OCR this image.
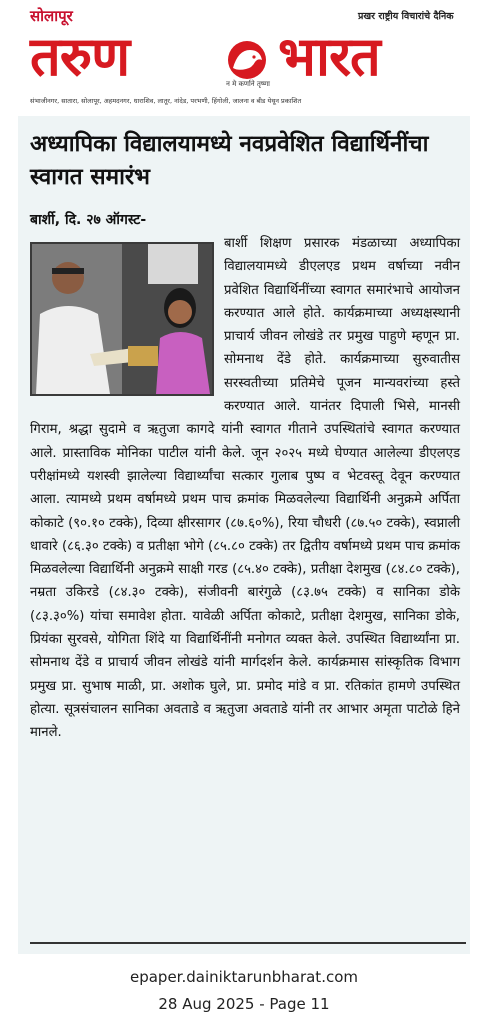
सोलापूर	प्रखर राष्ट्रीय विचारांचे दैनिक
तरुण	न मे कर्णाने तृष्णा भारत
संभाजीनगर, सातारा, सोलापूर, अहमदनगर, धाराशिव, लातूर, नांदेड, परभणी, हिंगोली, जालना व बीड येथून प्रकाशित
अध्यापिका विद्यालयामध्ये नवप्रवेशित विद्यार्थिनींचा स्वागत समारंभ
बार्शी, दि. २७ ऑगस्ट-
बार्शी शिक्षण प्रसारक मंडळाच्या अध्यापिका विद्यालयामध्ये डीएलएड प्रथम वर्षाच्या नवीन प्रवेशित विद्यार्थिनींच्या स्वागत समारंभाचे आयोजन करण्यात आले होते. कार्यक्रमाच्या अध्यक्षस्थानी प्राचार्य जीवन लोखंडे तर प्रमुख पाहुणे म्हणून प्रा. सोमनाथ देंडे होते. कार्यक्रमाच्या सुरुवातीस सरस्वतीच्या प्रतिमेचे पूजन मान्यवरांच्या हस्ते करण्यात आले. यानंतर दिपाली भिसे, मानसी गिराम, श्रद्धा सुदामे व ऋतुजा कागदे यांनी स्वागत गीताने उपस्थितांचे स्वागत करण्यात आले. प्रास्ताविक मोनिका पाटील यांनी केले. जून २०२५ मध्ये घेण्यात आलेल्या डीएलएड परीक्षांमध्ये यशस्वी झालेल्या विद्यार्थ्यांचा सत्कार गुलाब पुष्प व भेटवस्तू देवून करण्यात आला. त्यामध्ये प्रथम वर्षामध्ये प्रथम पाच क्रमांक मिळवलेल्या विद्यार्थिनी अनुक्रमे अर्पिता कोकाटे (९०.१० टक्के), दिव्या क्षीरसागर (८७.६०%), रिया चौधरी (८७.५० टक्के), स्वप्नाली धावारे (८६.३० टक्के) व प्रतीक्षा भोगे (८५.८० टक्के) तर द्वितीय वर्षामध्ये प्रथम पाच क्रमांक मिळवलेल्या विद्यार्थिनी अनुक्रमे साक्षी गरड (८५.४० टक्के), प्रतीक्षा देशमुख (८४.८० टक्के), नम्रता उकिरडे (८४.३० टक्के), संजीवनी बारंगुळे (८३.७५ टक्के) व सानिका डोके (८३.३०%) यांचा समावेश होता. यावेळी अर्पिता कोकाटे, प्रतीक्षा देशमुख, सानिका डोके, प्रियंका सुरवसे, योगिता शिंदे या विद्यार्थिनींनी मनोगत व्यक्त केले. उपस्थित विद्यार्थ्यांना प्रा. सोमनाथ देंडे व प्राचार्य जीवन लोखंडे यांनी मार्गदर्शन केले. कार्यक्रमास सांस्कृतिक विभाग प्रमुख प्रा. सुभाष माळी, प्रा. अशोक घुले, प्रा. प्रमोद मांडे व प्रा. रतिकांत हामणे उपस्थित होत्या. सूत्रसंचालन सानिका अवताडे व ऋतुजा अवताडे यांनी तर आभार अमृता पाटोळे हिने मानले.
epaper.dainiktarunbharat.com
28 Aug 2025 - Page 11
